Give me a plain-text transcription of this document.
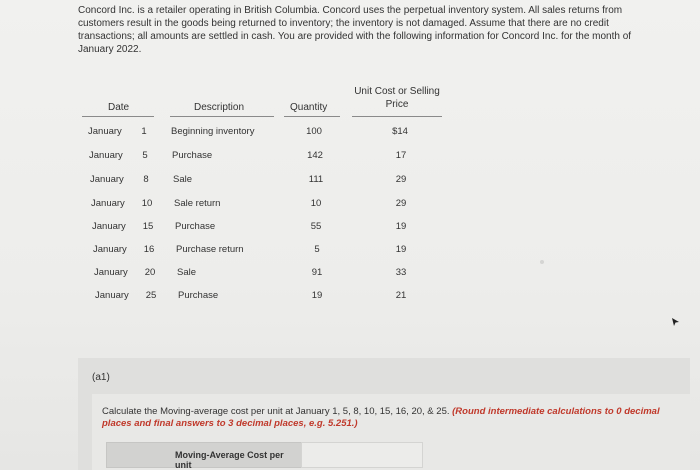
Concord Inc. is a retailer operating in British Columbia. Concord uses the perpetual inventory system. All sales returns from customers result in the goods being returned to inventory; the inventory is not damaged. Assume that there are no credit transactions; all amounts are settled in cash. You are provided with the following information for Concord Inc. for the month of January 2022.
Date	Description	Quantity
Unit Cost or Selling
Price
January	1	Beginning inventory	100	$14
January	5	Purchase	142	17
January	8	Sale	111	29
January	10 Sale return	10	29
January	15 Purchase	55	19
January	16 Purchase return	5	19
January	20 Sale	91	33
January	25 Purchase	19	21
(a1)
Calculate the Moving-average cost per unit at January 1, 5, 8, 10, 15, 16, 20, & 25. (Round intermediate calculations to 0 decimal places and final answers to 3 decimal places, e.g. 5.251.)
Moving-Average Cost per unit
